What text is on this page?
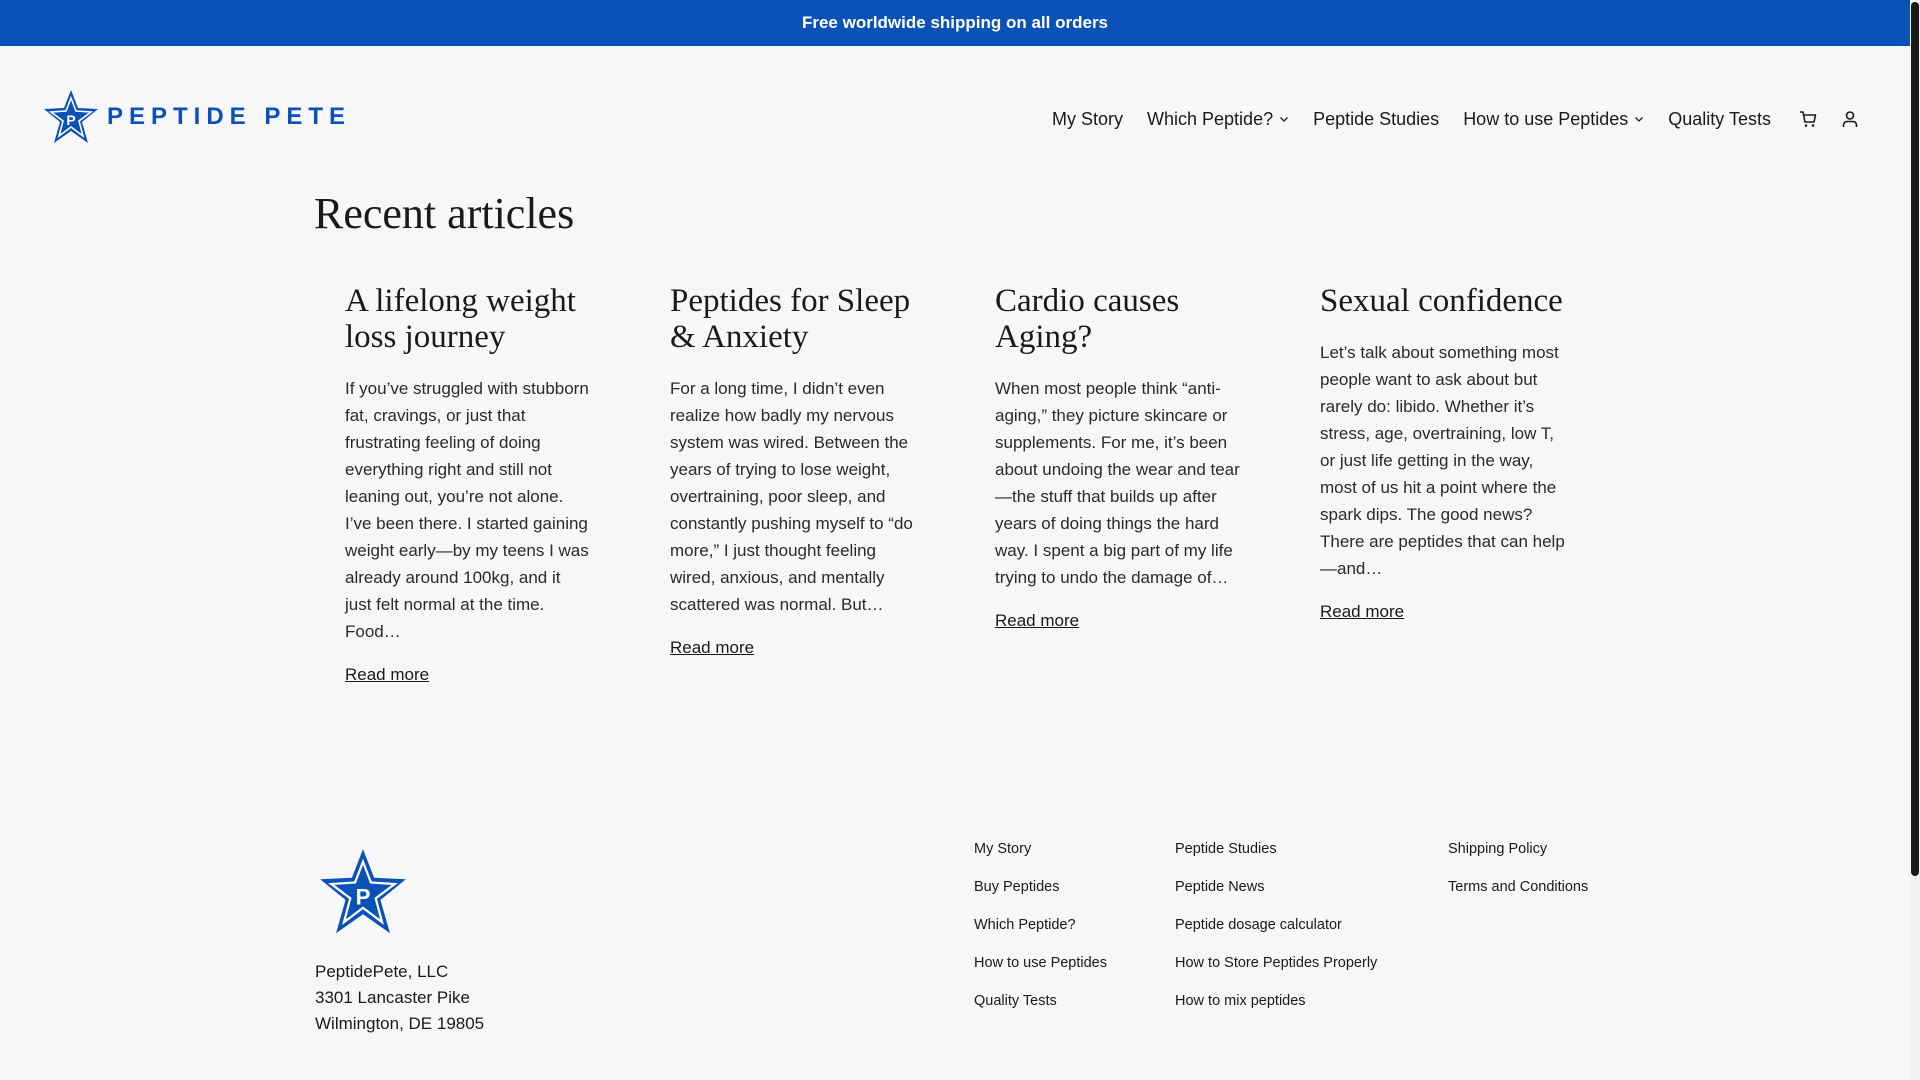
Free worldwide shipping on all orders
P PEPTIDE PETE	My Story Which Peptide? Peptide Studies How to use Peptides Quality Tests
Recent articles
A lifelong weight loss journey

If you’ve struggled with stubborn fat, cravings, or just that frustrating feeling of doing everything right and still not leaning out, you’re not alone. I’ve been there. I started gaining weight early—by my teens I was already around 100kg, and it just felt normal at the time. Food…

Read more
Peptides for Sleep & Anxiety

For a long time, I didn’t even realize how badly my nervous system was wired. Between the years of trying to lose weight, overtraining, poor sleep, and constantly pushing myself to “do more,” I just thought feeling wired, anxious, and mentally scattered was normal. But…

Read more
Cardio causes Aging?

When most people think “anti-aging,” they picture skincare or supplements. For me, it’s been about undoing the wear and tear—the stuff that builds up after years of doing things the hard way. I spent a big part of my life trying to undo the damage of…

Read more
Sexual confidence

Let’s talk about something most people want to ask about but rarely do: libido. Whether it’s stress, age, overtraining, low T, or just life getting in the way, most of us hit a point where the spark dips. The good news? There are peptides that can help—and…

Read more
P
PeptidePete, LLC
3301 Lancaster Pike
Wilmington, DE 19805
My Story
Buy Peptides
Which Peptide?
How to use Peptides
Quality Tests
Peptide Studies
Peptide News
Peptide dosage calculator
How to Store Peptides Properly
How to mix peptides
Shipping Policy
Terms and Conditions
